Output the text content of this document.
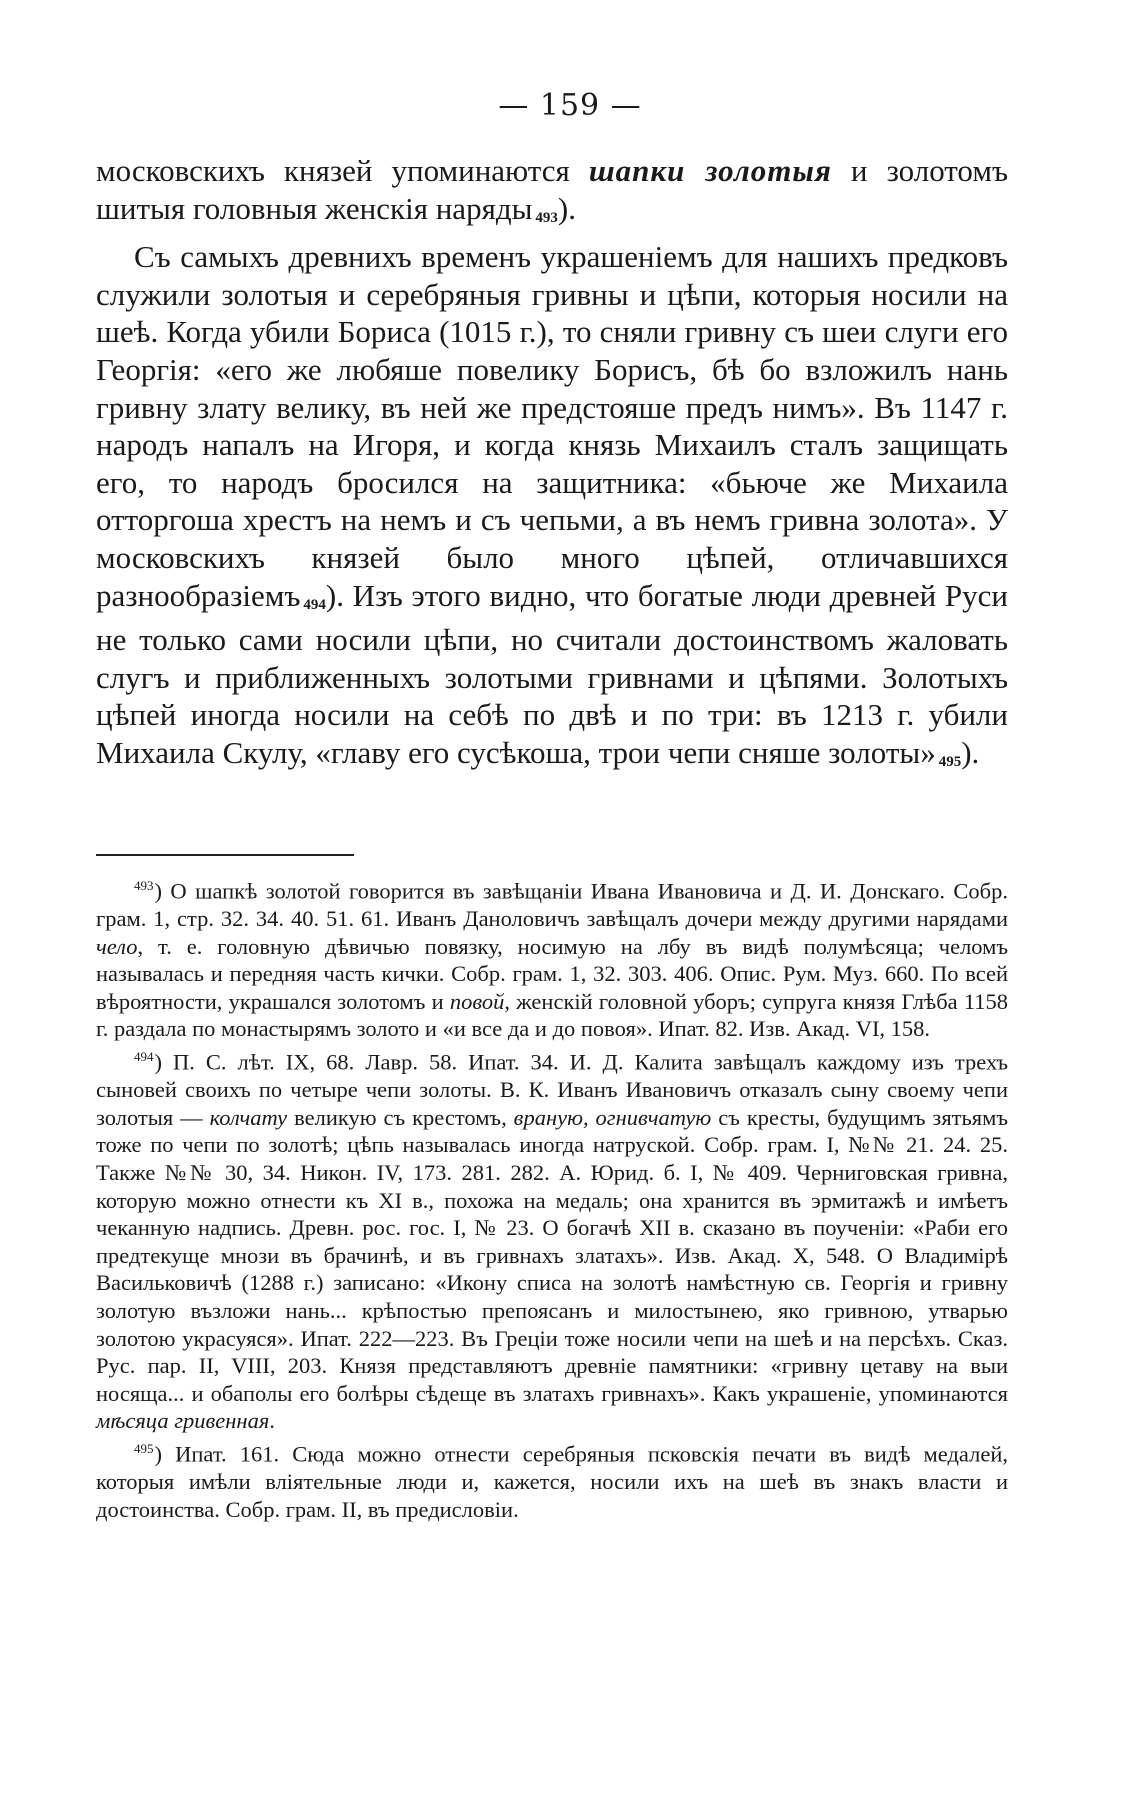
— 159 —

московскихъ князей упоминаются шапки золотыя и золотомъ шитыя головныя женскія наряды $^{493}$).

Съ самыхъ древнихъ временъ украшеніемъ для нашихъ предковъ служили золотыя и серебряныя гривны и цѣпи, которыя носили на шеѣ. Когда убили Бориса (1015 г.), то сняли гривну съ шеи слуги его Георгія: «его же любяше повелику Борисъ, бѣ бо взложилъ нань гривну злату велику, въ ней же предстояше предъ нимъ». Въ 1147 г. народъ напалъ на Игоря, и когда князь Михаилъ сталъ защищать его, то народъ бросился на защитника: «бьюче же Михаила отторгоша хрестъ на немъ и съ чепьми, а въ немъ гривна золота». У московскихъ князей было много цѣпей, отличавшихся разнообразіемъ $^{494}$). Изъ этого видно, что богатые люди древней Руси не только сами носили цѣпи, но считали достоинствомъ жаловать слугъ и приближенныхъ золотыми гривнами и цѣпями. Золотыхъ цѣпей иногда носили на себѣ по двѣ и по три: въ 1213 г. убили Михаила Скулу, «главу его сусѣкоша, трои чепи сняше золоты» $^{495}$).

$^{493}$) О шапкѣ золотой говорится въ завѣщаніи Ивана Ивановича и Д. И. Донскаго. Собр. грам. 1, стр. 32. 34. 40. 51. 61. Иванъ Даноловичъ завѣщалъ дочери между другими нарядами чело, т. е. головную дѣвичью повязку, носимую на лбу въ видѣ полумѣсяца; челомъ называлась и передняя часть кички. Собр. грам. 1, 32. 303. 406. Опис. Рум. Муз. 660. По всей вѣроятности, украшался золотомъ и повой, женскій головной уборъ; супруга князя Глѣба 1158 г. раздала по монастырямъ золото и «и все да и до повоя». Ипат. 82. Изв. Акад. VI, 158.

$^{494}$) П. С. лѣт. IX, 68. Лавр. 58. Ипат. 34. И. Д. Калита завѣщалъ каждому изъ трехъ сыновей своихъ по четыре чепи золоты. В. К. Иванъ Ивановичъ отказалъ сыну своему чепи золотыя — колчату великую съ крестомъ, враную, огнивчатую съ кресты, будущимъ зятьямъ тоже по чепи по золотѣ; цѣпь называлась иногда натруской. Собр. грам. I, №№ 21. 24. 25. Также №№ 30, 34. Никон. IV, 173. 281. 282. А. Юрид. б. I, № 409. Черниговская гривна, которую можно отнести къ XI в., похожа на медаль; она хранится въ эрмитажѣ и имѣетъ чеканную надпись. Древн. рос. гос. I, № 23. О богачѣ XII в. сказано въ поученіи: «Раби его предтекуще мнози въ брачинѣ, и въ гривнахъ златахъ». Изв. Акад. X, 548. О Владимірѣ Васильковичѣ (1288 г.) записано: «Икону списа на золотѣ намѣстную св. Георгія и гривну золотую възложи нань... крѣпостью препоясанъ и милостынею, яко гривною, утварью золотою украсуяся». Ипат. 222—223. Въ Греціи тоже носили чепи на шеѣ и на персѣхъ. Сказ. Рус. пар. II, VIII, 203. Князя представляютъ древніе памятники: «гривну цетаву на выи носяща... и обаполы его болѣры сѣдеще въ златахъ гривнахъ». Какъ украшеніе, упоминаются мѣсяца гривенная.

$^{495}$) Ипат. 161. Сюда можно отнести серебряныя псковскія печати въ видѣ медалей, которыя имѣли вліятельные люди и, кажется, носили ихъ на шеѣ въ знакъ власти и достоинства. Собр. грам. II, въ предисловіи.
